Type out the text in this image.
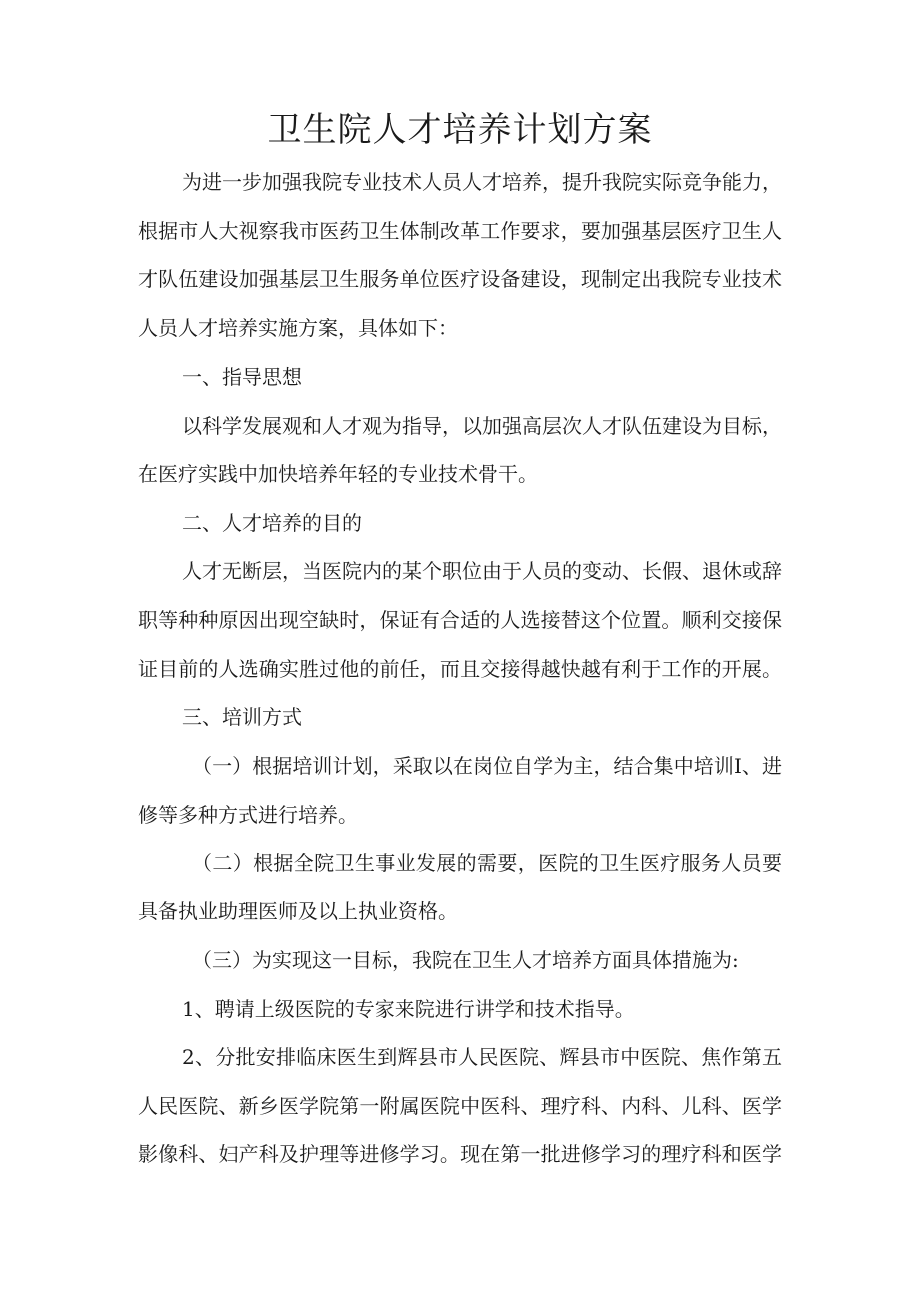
卫生院人才培养计划方案
为进一步加强我院专业技术人员人才培养，提升我院实际竞争能力，
根据市人大视察我市医药卫生体制改革工作要求，要加强基层医疗卫生人
才队伍建设加强基层卫生服务单位医疗设备建设，现制定出我院专业技术
人员人才培养实施方案，具体如下：
一、指导思想
以科学发展观和人才观为指导，以加强高层次人才队伍建设为目标，
在医疗实践中加快培养年轻的专业技术骨干。
二、人才培养的目的
人才无断层，当医院内的某个职位由于人员的变动、长假、退休或辞
职等种种原因出现空缺时，保证有合适的人选接替这个位置。顺利交接保
证目前的人选确实胜过他的前任，而且交接得越快越有利于工作的开展。
三、培训方式
（一）根据培训计划，采取以在岗位自学为主，结合集中培训Ⅰ、进
修等多种方式进行培养。
（二）根据全院卫生事业发展的需要，医院的卫生医疗服务人员要
具备执业助理医师及以上执业资格。
（三）为实现这一目标，我院在卫生人才培养方面具体措施为:
1、聘请上级医院的专家来院进行讲学和技术指导。
2、分批安排临床医生到辉县市人民医院、辉县市中医院、焦作第五
人民医院、新乡医学院第一附属医院中医科、理疗科、内科、儿科、医学
影像科、妇产科及护理等进修学习。现在第一批进修学习的理疗科和医学
